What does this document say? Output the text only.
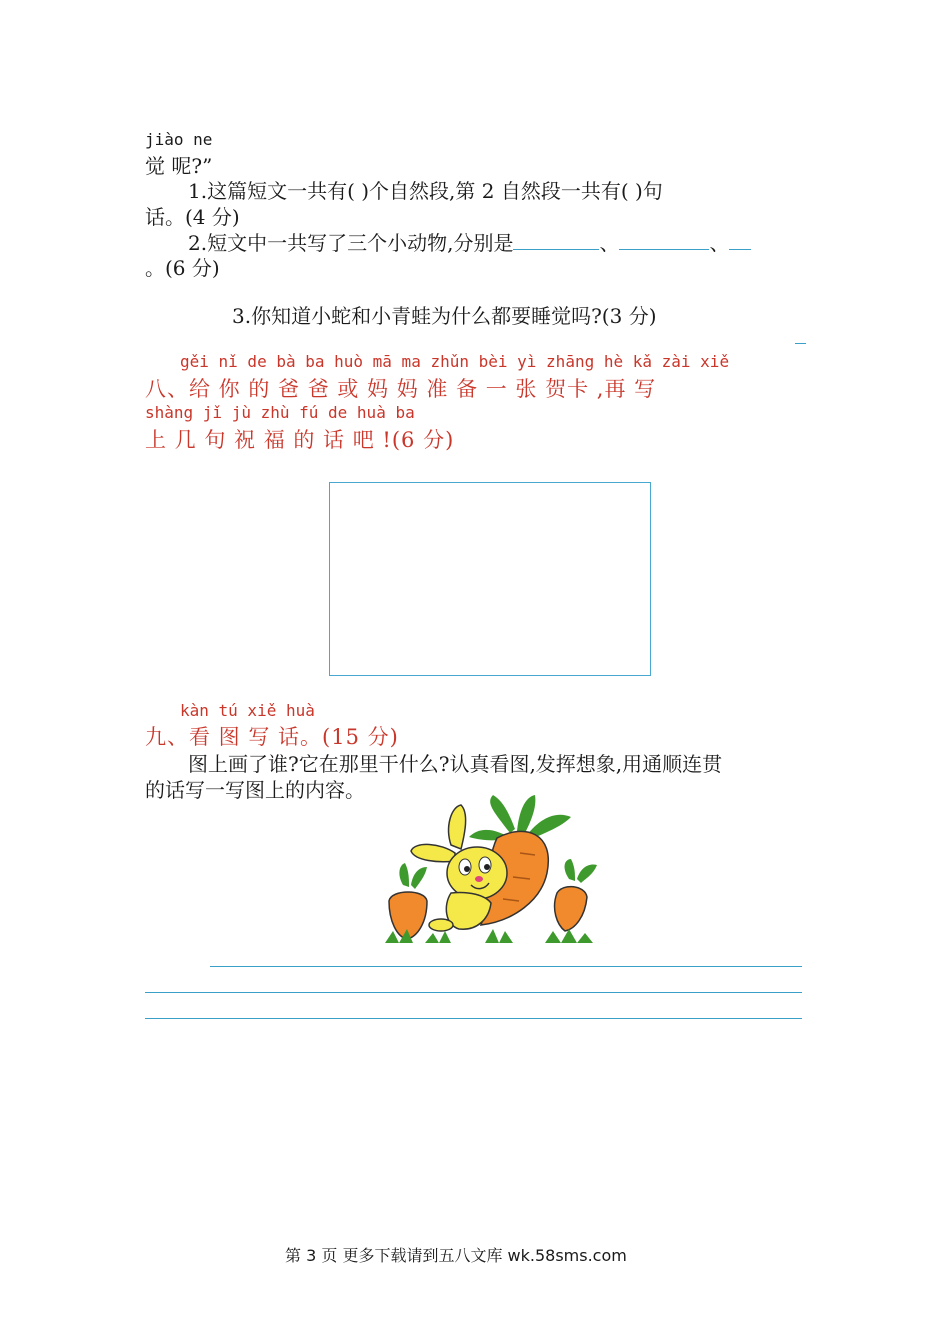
jiào ne
觉 呢?”
1.这篇短文一共有( )个自然段,第 2 自然段一共有( )句
话。(4 分)
2.短文中一共写了三个小动物,分别是	、	、
。(6 分)
3.你知道小蛇和小青蛙为什么都要睡觉吗?(3 分)
gěi nǐ de bà ba huò mā ma zhǔn bèi yì zhāng hè kǎ zài xiě
八、给 你 的 爸 爸 或 妈 妈 准 备 一 张 贺卡 ,再 写
shàng jǐ jù zhù fú de huà ba
上 几 句 祝 福 的 话 吧 !(6 分)
kàn tú xiě huà
九、看 图 写 话。(15 分)
图上画了谁?它在那里干什么?认真看图,发挥想象,用通顺连贯
的话写一写图上的内容。
第 3 页 更多下载请到五八文库 wk.58sms.com
